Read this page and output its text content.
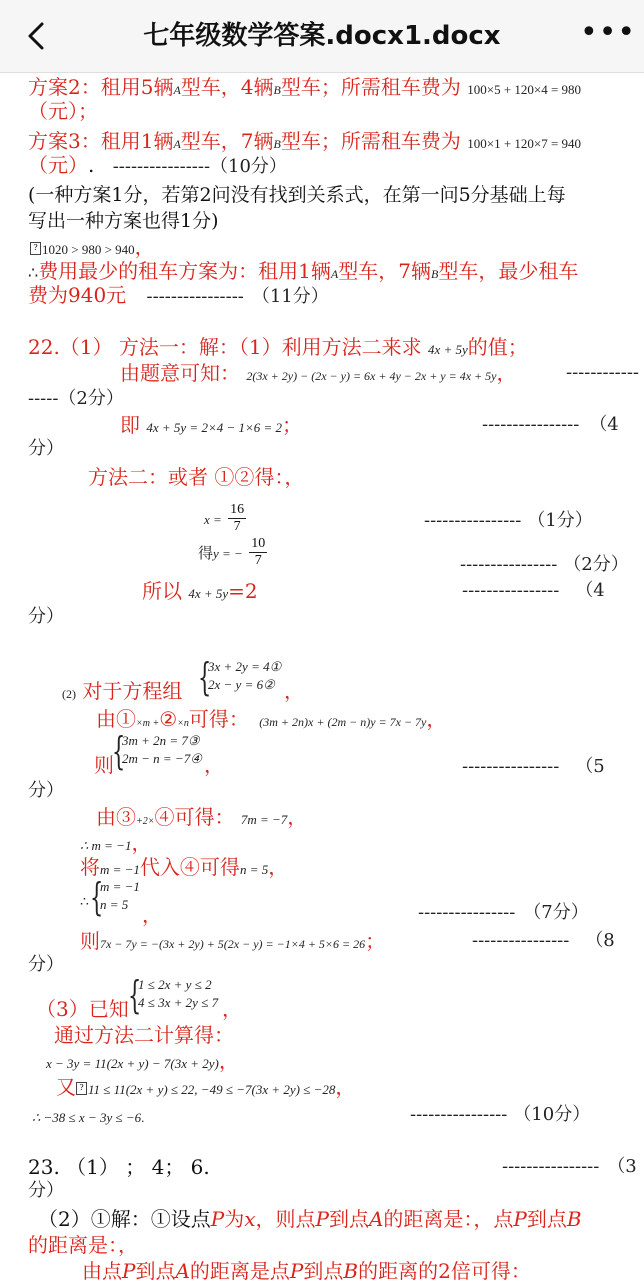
七年级数学答案.docx1.docx	•••
方案2：租用5辆A型车，4辆B型车；所需租车费为 100×5 + 120×4 = 980
（元）；
方案3：租用1辆A型车，7辆B型车；所需租车费为 100×1 + 120×7 = 940
（元）. ----------------（10分）
(一种方案1分，若第2问没有找到关系式，在第一问5分基础上每
写出一种方案也得1分)
? 1020 > 980 > 940，
∴费用最少的租车方案为：租用1辆A型车，7辆B型车，最少租车
费为940元 ---------------- （11分）
22.（1） 方法一：解：（1）利用方法二来求 4x + 5y的值；
由题意可知： 2(3x + 2y) − (2x − y) = 6x + 4y − 2x + y = 4x + 5y，	------------
-----（2分）
即 4x + 5y = 2×4 − 1×6 = 2；	---------------- （4
分）
方法二：或者 ①②得：，
$x = \frac{16}{7}$	---------------- （1分）
得y = − $\frac{10}{7}$	---------------- （2分）
所以 4x + 5y=2	---------------- （4
分）
(2) 对于方程组 {
3x + 2y = 4①
2x − y = 6② ，
由①×m +②×n可得： (3m + 2n)x + (2m − n)y = 7x − 7y，
则
{
3m + 2n = 7③
2m − n = −7④ ，	---------------- （5
分）
由③+2×④可得： 7m = −7，
∴ m = −1，
将m = −1代入④可得n = 5，
∴ {
m = −1
n = 5 ，	---------------- （7分）
则7x − 7y = −(3x + 2y) + 5(2x − y) = −1×4 + 5×6 = 26；	---------------- （8
分）
（3）已知 {
1 ≤ 2x + y ≤ 2
4 ≤ 3x + 2y ≤ 7 ，
通过方法二计算得：
x − 3y = 11(2x + y) − 7(3x + 2y)，
又 ? 11 ≤ 11(2x + y) ≤ 22, −49 ≤ −7(3x + 2y) ≤ −28，
∴ −38 ≤ x − 3y ≤ −6.	---------------- （10分）
23. （1） ； 4； 6.	---------------- （3
分）
（2）①解：①设点P为x，则点P到点A的距离是：，点P到点B
的距离是：，
由点P到点A的距离是点P到点B的距离的2倍可得：
